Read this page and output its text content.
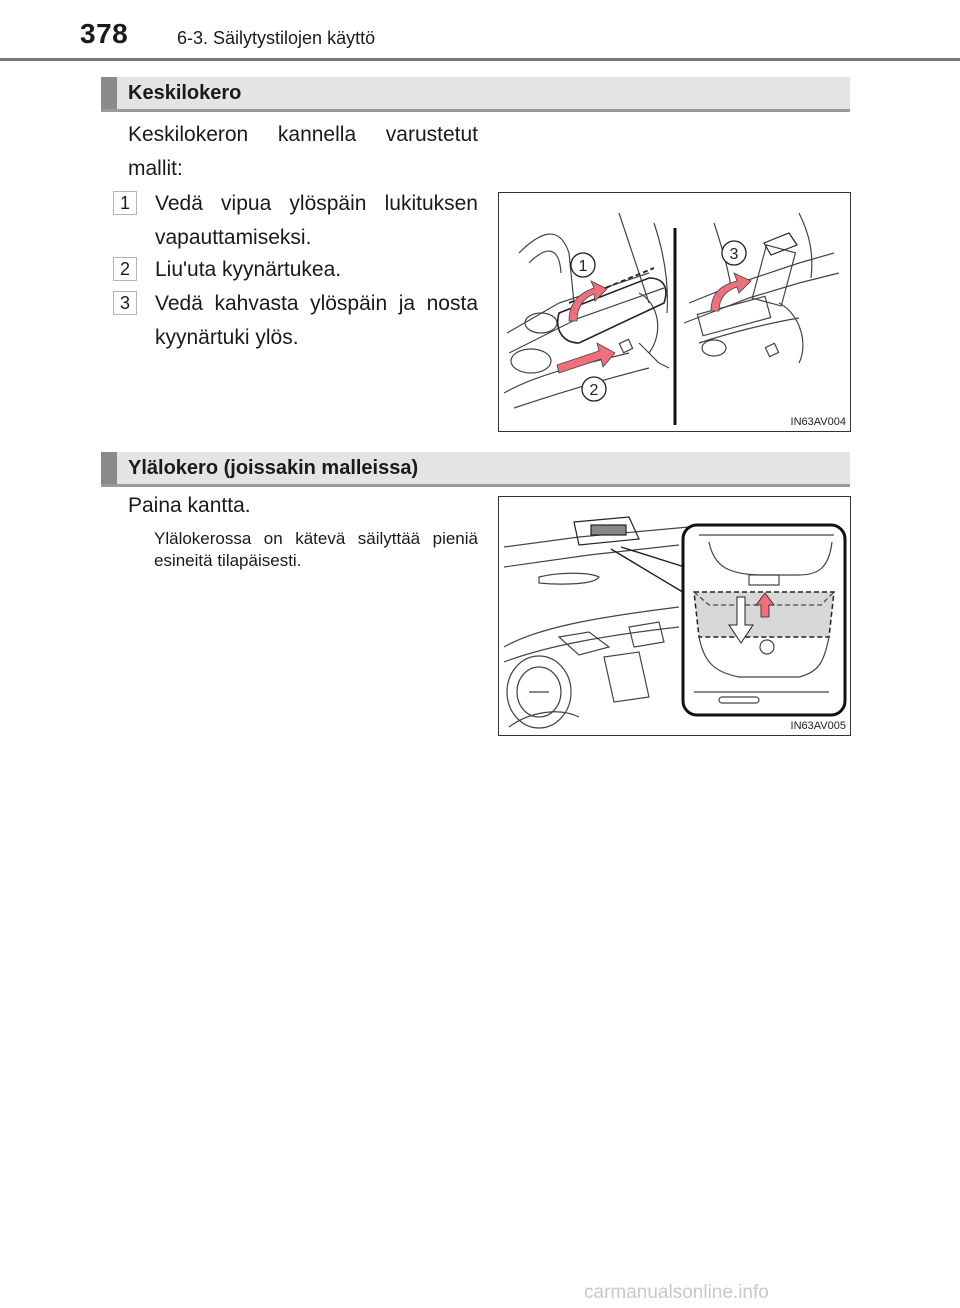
378	6-3. Säilytystilojen käyttö
Keskilokero
Keskilokeron kannella varustetut mallit:
1	Vedä vipua ylöspäin lukituksen vapauttamiseksi.
2	Liu'uta kyynärtukea.
3	Vedä kahvasta ylöspäin ja nosta kyynärtuki ylös.
1
2
3
IN63AV004
Ylälokero (joissakin malleissa)
Paina kantta.
Ylälokerossa on kätevä säilyttää pieniä esineitä tilapäisesti.
IN63AV005
carmanualsonline.info
